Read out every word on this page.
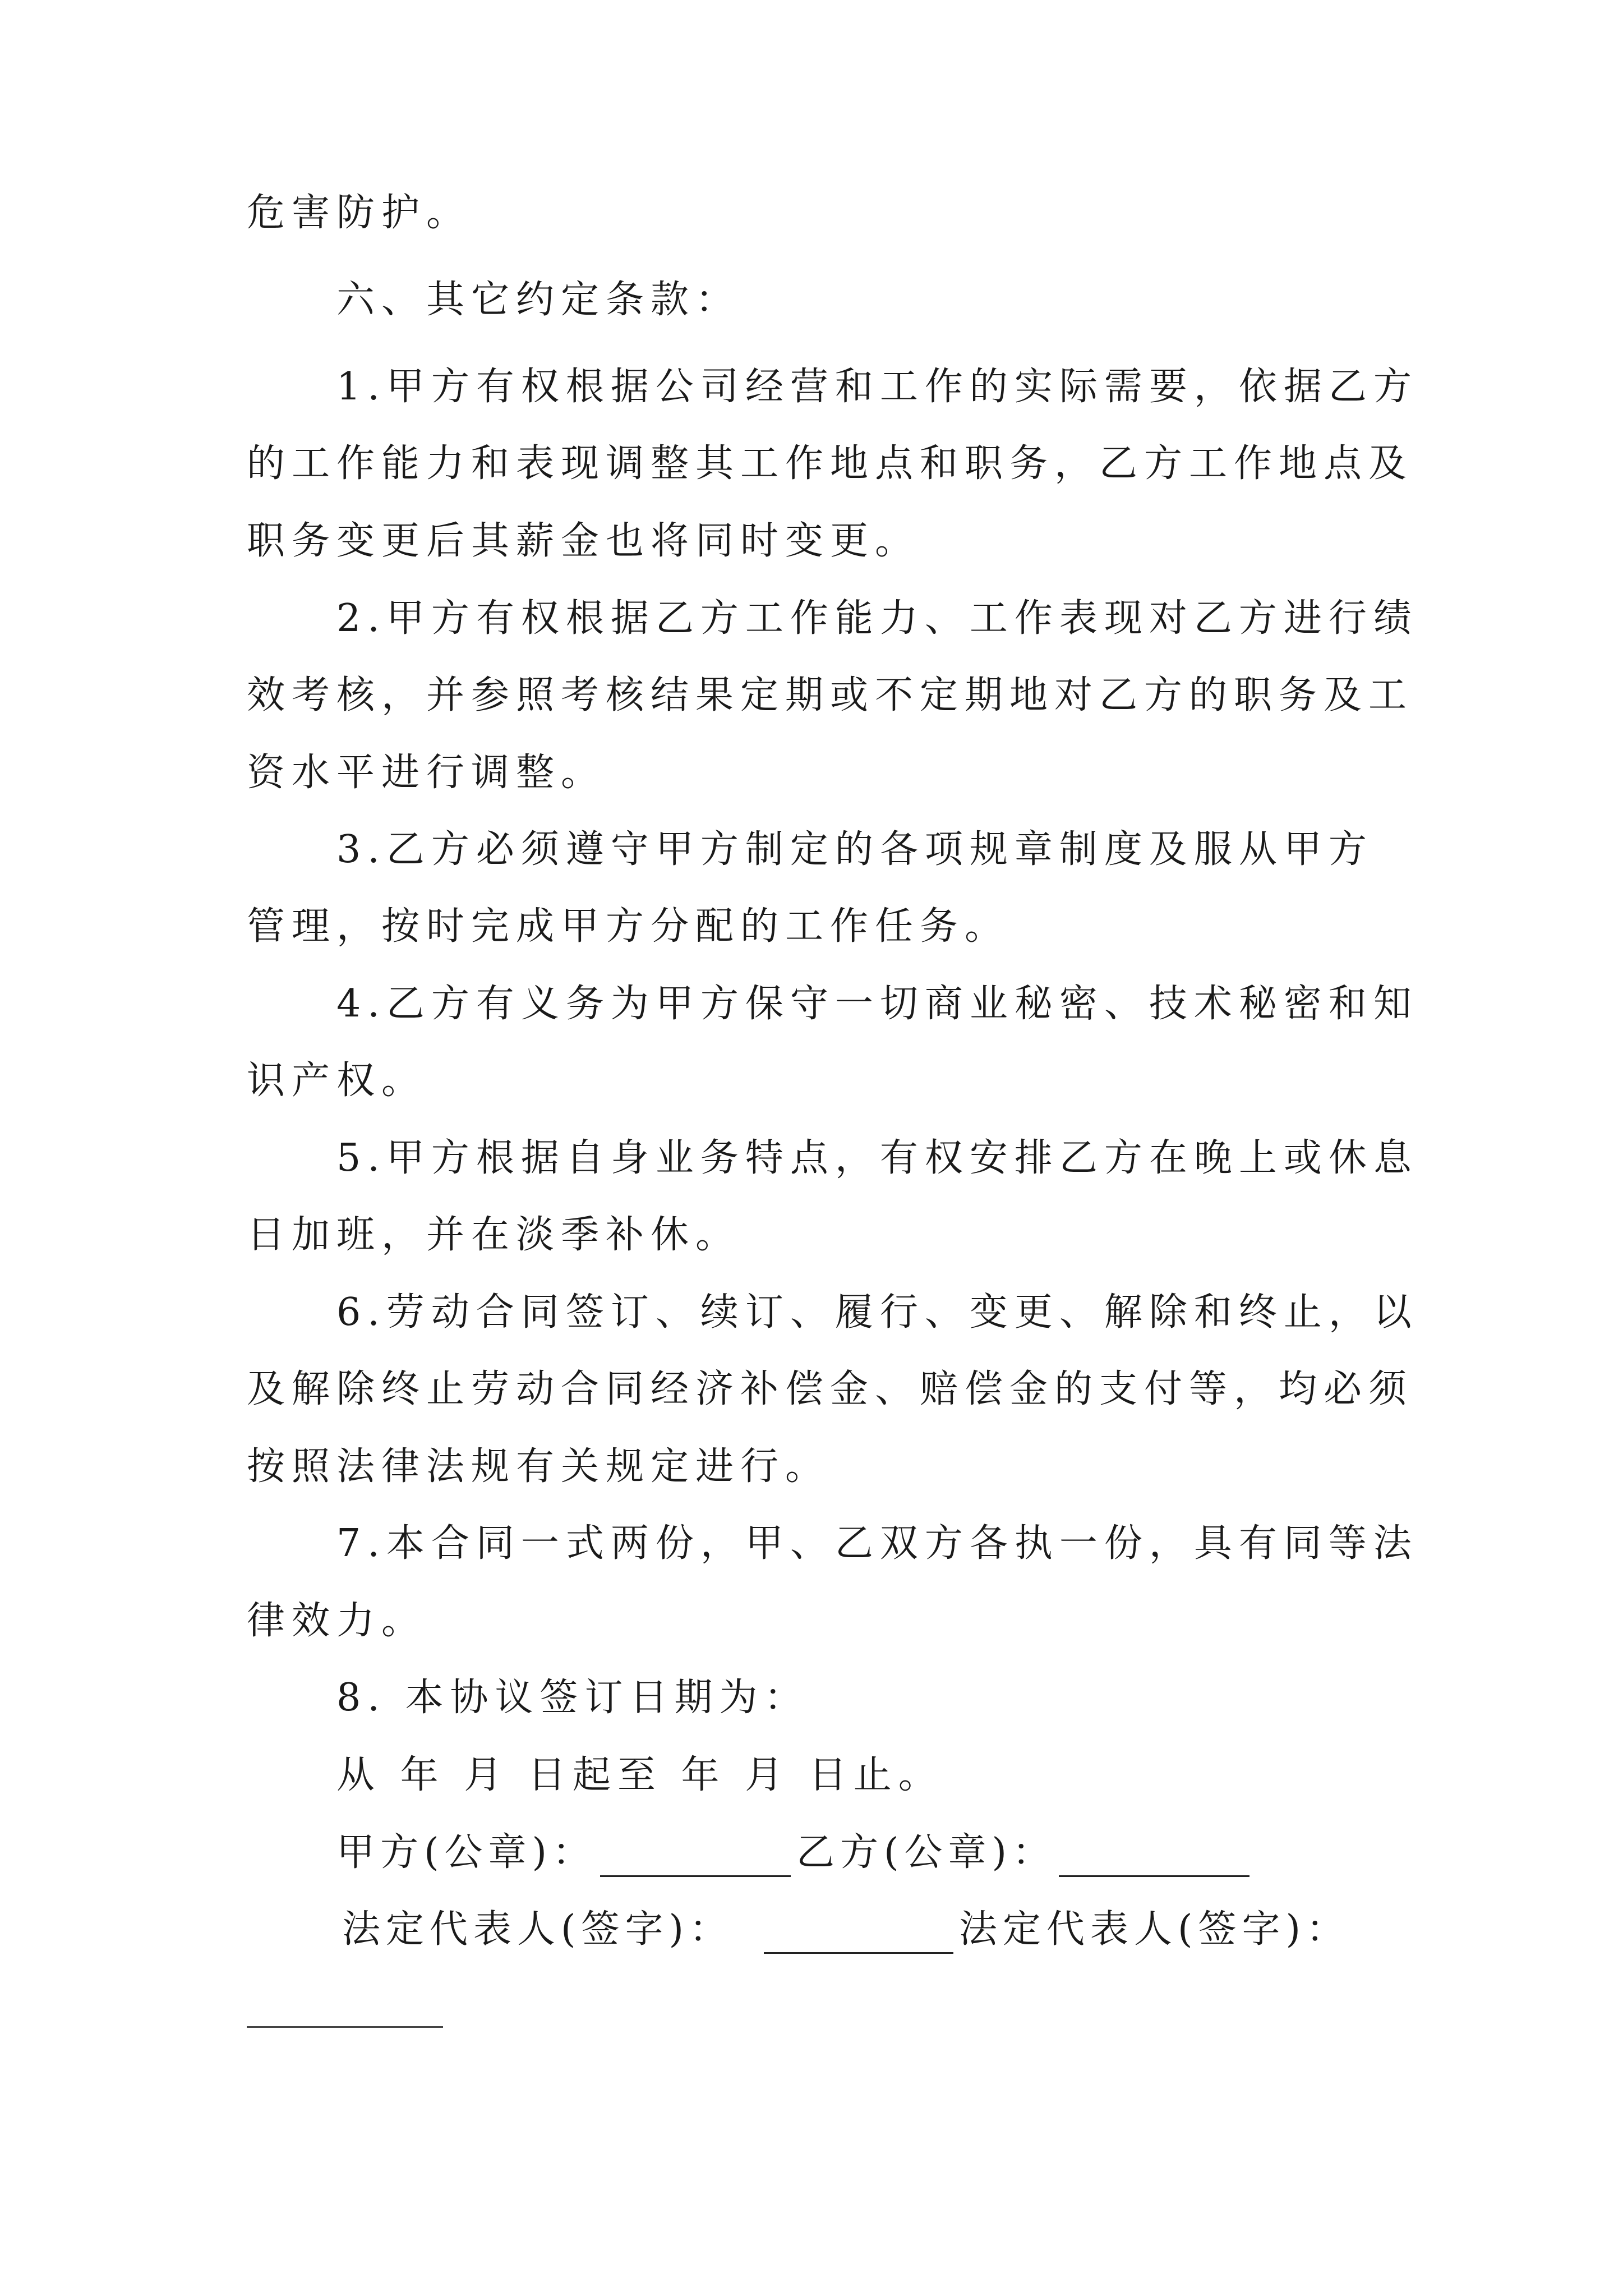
危害防护。
六、其它约定条款：
1.甲方有权根据公司经营和工作的实际需要，依据乙方
的工作能力和表现调整其工作地点和职务，乙方工作地点及
职务变更后其薪金也将同时变更。
2.甲方有权根据乙方工作能力、工作表现对乙方进行绩
效考核，并参照考核结果定期或不定期地对乙方的职务及工
资水平进行调整。
3.乙方必须遵守甲方制定的各项规章制度及服从甲方
管理，按时完成甲方分配的工作任务。
4.乙方有义务为甲方保守一切商业秘密、技术秘密和知
识产权。
5.甲方根据自身业务特点，有权安排乙方在晚上或休息
日加班，并在淡季补休。
6.劳动合同签订、续订、履行、变更、解除和终止，以
及解除终止劳动合同经济补偿金、赔偿金的支付等，均必须
按照法律法规有关规定进行。
7.本合同一式两份，甲、乙双方各执一份，具有同等法
律效力。
8. 本协议签订日期为：
从 年 月 日起至 年 月 日止。
甲方(公章)：	乙方(公章)：
法定代表人(签字)：	法定代表人(签字)：
